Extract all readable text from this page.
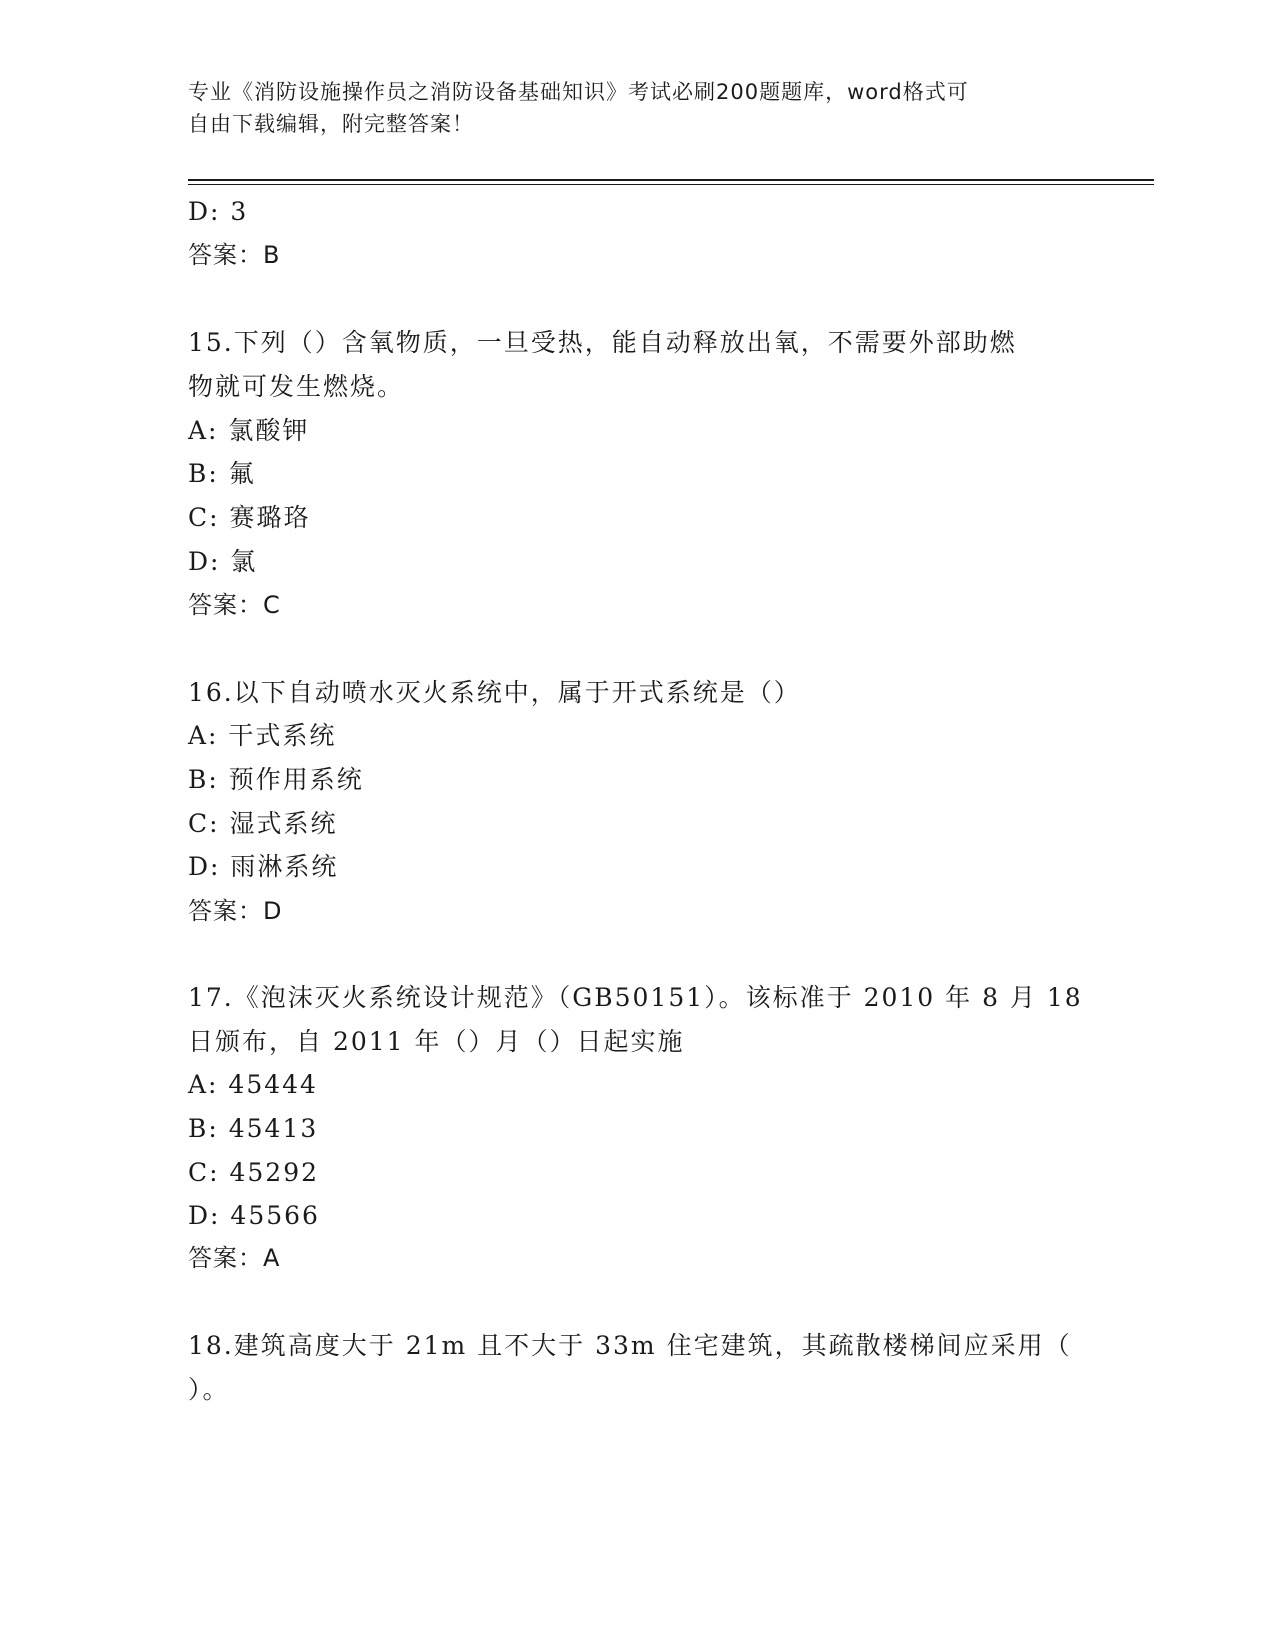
专业《消防设施操作员之消防设备基础知识》考试必刷200题题库，word格式可
自由下载编辑，附完整答案！
D: 3
答案：B
15.下列（）含氧物质，一旦受热，能自动释放出氧，不需要外部助燃
物就可发生燃烧。
A: 氯酸钾
B: 氟
C: 赛璐珞
D: 氯
答案：C
16.以下自动喷水灭火系统中，属于开式系统是（）
A: 干式系统
B: 预作用系统
C: 湿式系统
D: 雨淋系统
答案：D
17.《泡沫灭火系统设计规范》（GB50151）。该标准于 2010 年 8 月 18
日颁布，自 2011 年（）月（）日起实施
A: 45444
B: 45413
C: 45292
D: 45566
答案：A
18.建筑高度大于 21m 且不大于 33m 住宅建筑，其疏散楼梯间应采用（
）。
